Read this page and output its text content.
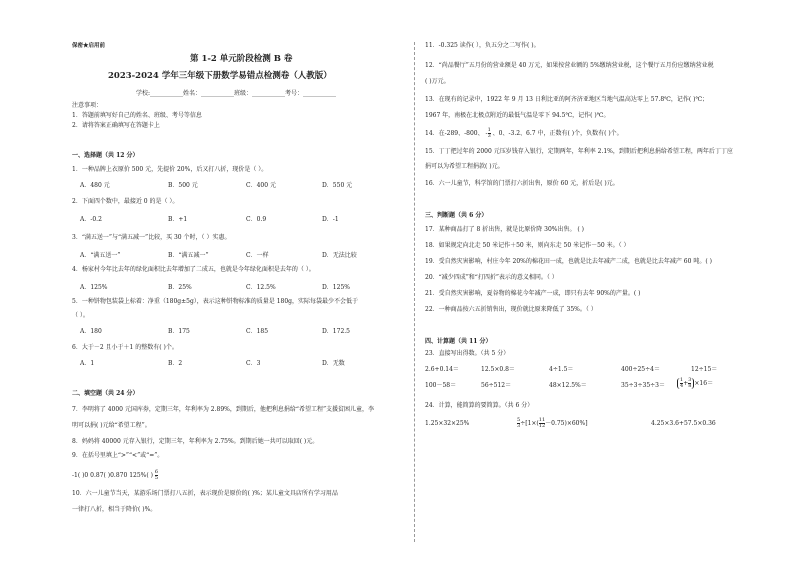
保密★启用前
第 1-2 单元阶段检测 B 卷
2023-2024 学年三年级下册数学易错点检测卷（人教版）
学校:___________姓名：___________班级：___________考号：___________
注意事项：
1．答题前填写好自己的姓名、班级、考号等信息
2．请将答案正确填写在答题卡上
一、选择题（共 12 分）
1．一种品牌上衣原价 500 元，先提价 20%，后又打八折，现价是（ ）。
A．480 元	B．500 元	C．400 元	D．550 元
2．下面四个数中，最接近 0 的是（ ）。
A．-0.2	B．+1	C．0.9	D．-1
3．“满五送一”与“满五减一”比较，买 30 个时，（ ）实惠。
A．“满五送一”	B．“满五减一”	C．一样	D．无法比较
4．杨家村今年比去年的绿化面积比去年增加了二成五，也就是今年绿化面积是去年的（ ）。
A．125%	B．25%	C．12.5%	D．125%
5．一种饼物包装袋上标着：净重（180g±5g），表示这种饼物标准的质量是 180g，实际每袋最少不会低于
（ ）。
A．180	B．175	C．185	D．172.5
6．大于－2 且小于＋1 的整数有( )个。
A．1	B．2	C．3	D．无数
二、填空题（共 24 分）
7．李明将了 4000 元国库券，定期三年，年利率为 2.89%，到期后，他把利息捐给“希望工程”支援贫困儿童，李
明可以捐( )元给“希望工程”。
8．妈妈将 40000 元存入银行，定期三年，年利率为 2.75%。到期后她一共可以取回( )元。
9．在括号里填上“>”“<”或“=”。
-1( )0 0.87( )0.870 125%( ) $\frac{6}{5}$
10．六一儿童节当天，某游乐场门票打八五折，表示现价是原价的( )%；某儿童文具店所有学习用品
一律打八折，相当于降价( )%。
11．-0.325 读作( ），负五分之二写作( )。
12．“尚品餐厅”五月份的营业额是 40 万元，如果按营业额的 5%缴纳营业税，这个餐厅五月份应缴纳营业税
( )万元。
13．在现有的记录中，1922 年 9 月 13 日利比亚的阿齐济亚地区当地气温高达零上 57.8℃，记作( )℃；
1967 年，南极在北极点附近的最低气温是零下 94.5℃，记作( )℃。
14．在-289、-800、 - $\frac{1}{3}$ 、0、-3.2、6.7 中，正数有( )个，负数有( )个。
15．丁丁把过年的 2000 元压岁钱存入银行，定期两年，年利率 2.1%，到期后把利息捐给希望工程，两年后丁丁应
捐可以为希望工程捐款( )元。
16．六一儿童节，科学馆的门票打六折出售，原价 60 元，折后是( )元。
三、判断题（共 6 分）
17．某种商品打了 8 折出售，就是比原价降 30%出售。 ( )
18．如果规定向北走 50 米记作＋50 米，则向东走 50 米记作－50 米。（ ）
19．受自然灾害影响，村庄今年 20%的棉花田一成，也就是比去年减产二成，也就是比去年减产 60 吨。( )
20．“减少四成”和“打四折”表示的意义相同。（ ）
21．受自然灾害影响，夏谷物的棉花今年减产一成，即只有去年 90%的产量。( )
22．一种商品按六五折销售出，现价就比原来降低了 35%。（ ）
四、计算题（共 11 分）
23．直接写出得数。（共 5 分）
2.6+0.14＝	12.5×0.8＝	4÷1.5＝	400÷25÷4＝	12÷15＝
100－58＝	56÷512＝	48×12.5%＝	35÷3÷35÷3＝	$\frac{1}{4} + \frac{3}{8} \times 16=$
24．计算，能简算的要简算。（共 6 分）
1.25×32×25%	$\frac{5}{3} \div[1\times( \frac{11}{12} -0.75)\times 60\%]$	4.25×3.6+57.5×0.36
